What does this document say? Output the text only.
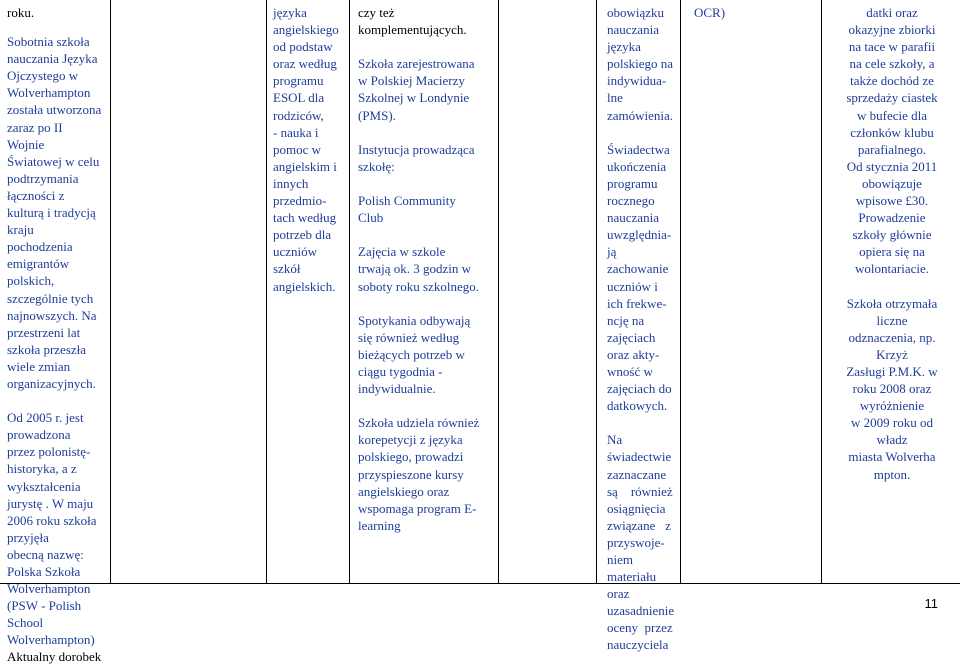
roku.
Sobotnia szkoła
nauczania Języka
Ojczystego w
Wolverhampton
została utworzona
zaraz po II
Wojnie
Światowej w celu
podtrzymania
łączności z
kulturą i tradycją
kraju
pochodzenia
emigrantów
polskich,
szczególnie tych
najnowszych. Na
przestrzeni lat
szkoła przeszła
wiele zmian
organizacyjnych.

Od 2005 r. jest
prowadzona
przez polonistę-
historyka, a z
wykształcenia
jurystę . W maju
2006 roku szkoła
przyjęła
obecną nazwę:
Polska Szkoła
Wolverhampton
(PSW - Polish
School
Wolverhampton)
Aktualny dorobek
języka
angielskiego
od podstaw
oraz według
programu
ESOL dla
rodziców,
- nauka i
pomoc w
angielskim i
innych
przedmio-
tach według
potrzeb dla
uczniów
szkół
angielskich.
czy też
komplementujących.

Szkoła zarejestrowana
w Polskiej Macierzy
Szkolnej w Londynie
(PMS).

Instytucja prowadząca
szkołę:

Polish Community
Club

Zajęcia w szkole
trwają ok. 3 godzin w
soboty roku szkolnego.

Spotykania odbywają
się również według
bieżących potrzeb w
ciągu tygodnia -
indywidualnie.

Szkoła udziela również
korepetycji z języka
polskiego, prowadzi
przyspieszone kursy
angielskiego oraz
wspomaga program E-
learning
obowiązku
nauczania
języka
polskiego na
indywidua-
lne
zamówienia.

Świadectwa
ukończenia
programu
rocznego
nauczania
uwzględnia-
ją
zachowanie
uczniów i
ich frekwe-
ncję na
zajęciach
oraz akty-
wność w
zajęciach do
datkowych.

Na
świadectwie
zaznaczane
są    również
osiągnięcia
związane   z
przyswoje-
niem
materiału
oraz
uzasadnienie
oceny  przez
nauczyciela
OCR)	datki oraz
okazyjne zbiorki
na tace w parafii
na cele szkoły, a
także dochód ze
sprzedaży ciastek
w bufecie dla
członków klubu
parafialnego.
Od stycznia 2011
obowiązuje
wpisowe £30.
Prowadzenie
szkoły głównie
opiera się na
wolontariacie.

Szkoła otrzymała
liczne
odznaczenia, np.
Krzyż
Zasługi P.M.K. w
roku 2008 oraz
wyróżnienie
w 2009 roku od
władz
miasta Wolverha
mpton.
11
